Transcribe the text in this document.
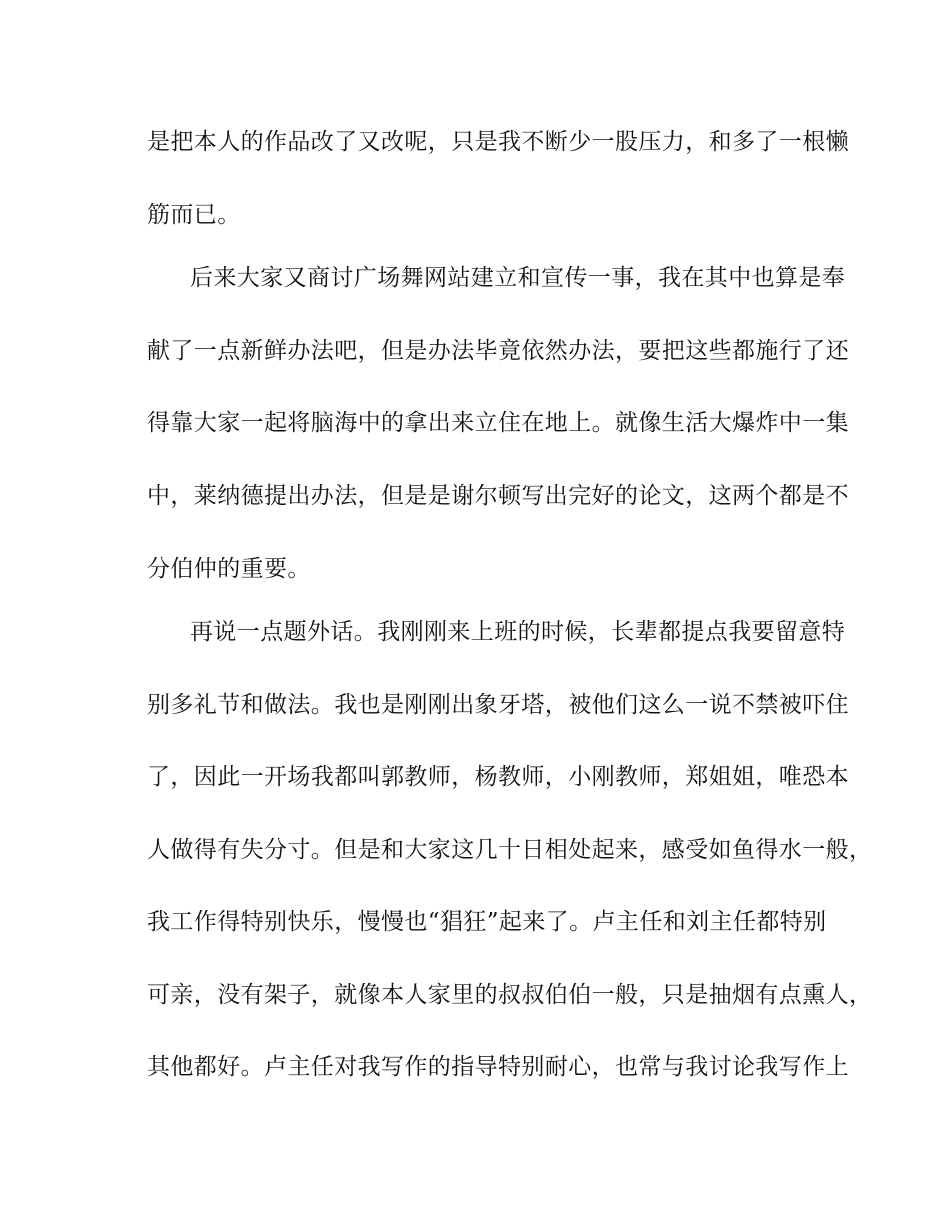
是把本人的作品改了又改呢，只是我不断少一股压力，和多了一根懒
筋而已。
后来大家又商讨广场舞网站建立和宣传一事，我在其中也算是奉
献了一点新鲜办法吧，但是办法毕竟依然办法，要把这些都施行了还
得靠大家一起将脑海中的拿出来立住在地上。就像生活大爆炸中一集
中，莱纳德提出办法，但是是谢尔顿写出完好的论文，这两个都是不
分伯仲的重要。
再说一点题外话。我刚刚来上班的时候，长辈都提点我要留意特
别多礼节和做法。我也是刚刚出象牙塔，被他们这么一说不禁被吓住
了，因此一开场我都叫郭教师，杨教师，小刚教师，郑姐姐，唯恐本
人做得有失分寸。但是和大家这几十日相处起来，感受如鱼得水一般，
我工作得特别快乐，慢慢也“猖狂”起来了。卢主任和刘主任都特别
可亲，没有架子，就像本人家里的叔叔伯伯一般，只是抽烟有点熏人，
其他都好。卢主任对我写作的指导特别耐心，也常与我讨论我写作上
